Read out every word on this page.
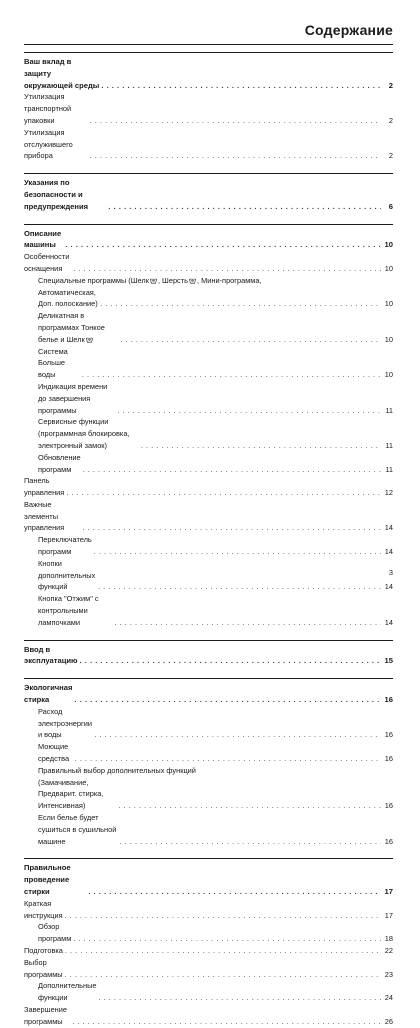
Содержание
Ваш вклад в защиту окружающей среды . . .	2
Утилизация транспортной упаковки . . .	2
Утилизация отслужившего прибора . . .	2
Указания по безопасности и предупреждения . . .	6
Описание машины . . .	10
Особенности оснащения . . .	10
Специальные программы (Шелк , Шерсть , Мини-программа,
Автоматическая, Доп. полоскание) . . .	10
Деликатная в программах Тонкое белье и Шелк . . .	10
Система Больше воды . . .	10
Индикация времени до завершения программы . . .	11
Сервисные функции (программная блокировка, электронный замок) . . .	11
Обновление программ . . .	11
Панель управления . . .	12
Важные элементы управления . . .	14
Переключатель программ . . .	14
Кнопки дополнительных функций . . .	14
Кнопка "Отжим" с контрольными лампочками . . .	14
Ввод в эксплуатацию . . .	15
Экологичная стирка . . .	16
Расход электроэнергии и воды . . .	16
Моющие средства . . .	16
Правильный выбор дополнительных функций
(Замачивание, Предварит. стирка, Интенсивная) . . .	16
Если белье будет сушиться в сушильной машине . . .	16
Правильное проведение стирки . . .	17
Краткая инструкция . . .	17
Обзор программ . . .	18
Подготовка . . .	22
Выбор программы . . .	23
Дополнительные функции . . .	24
Завершение программы . . .	26
3
